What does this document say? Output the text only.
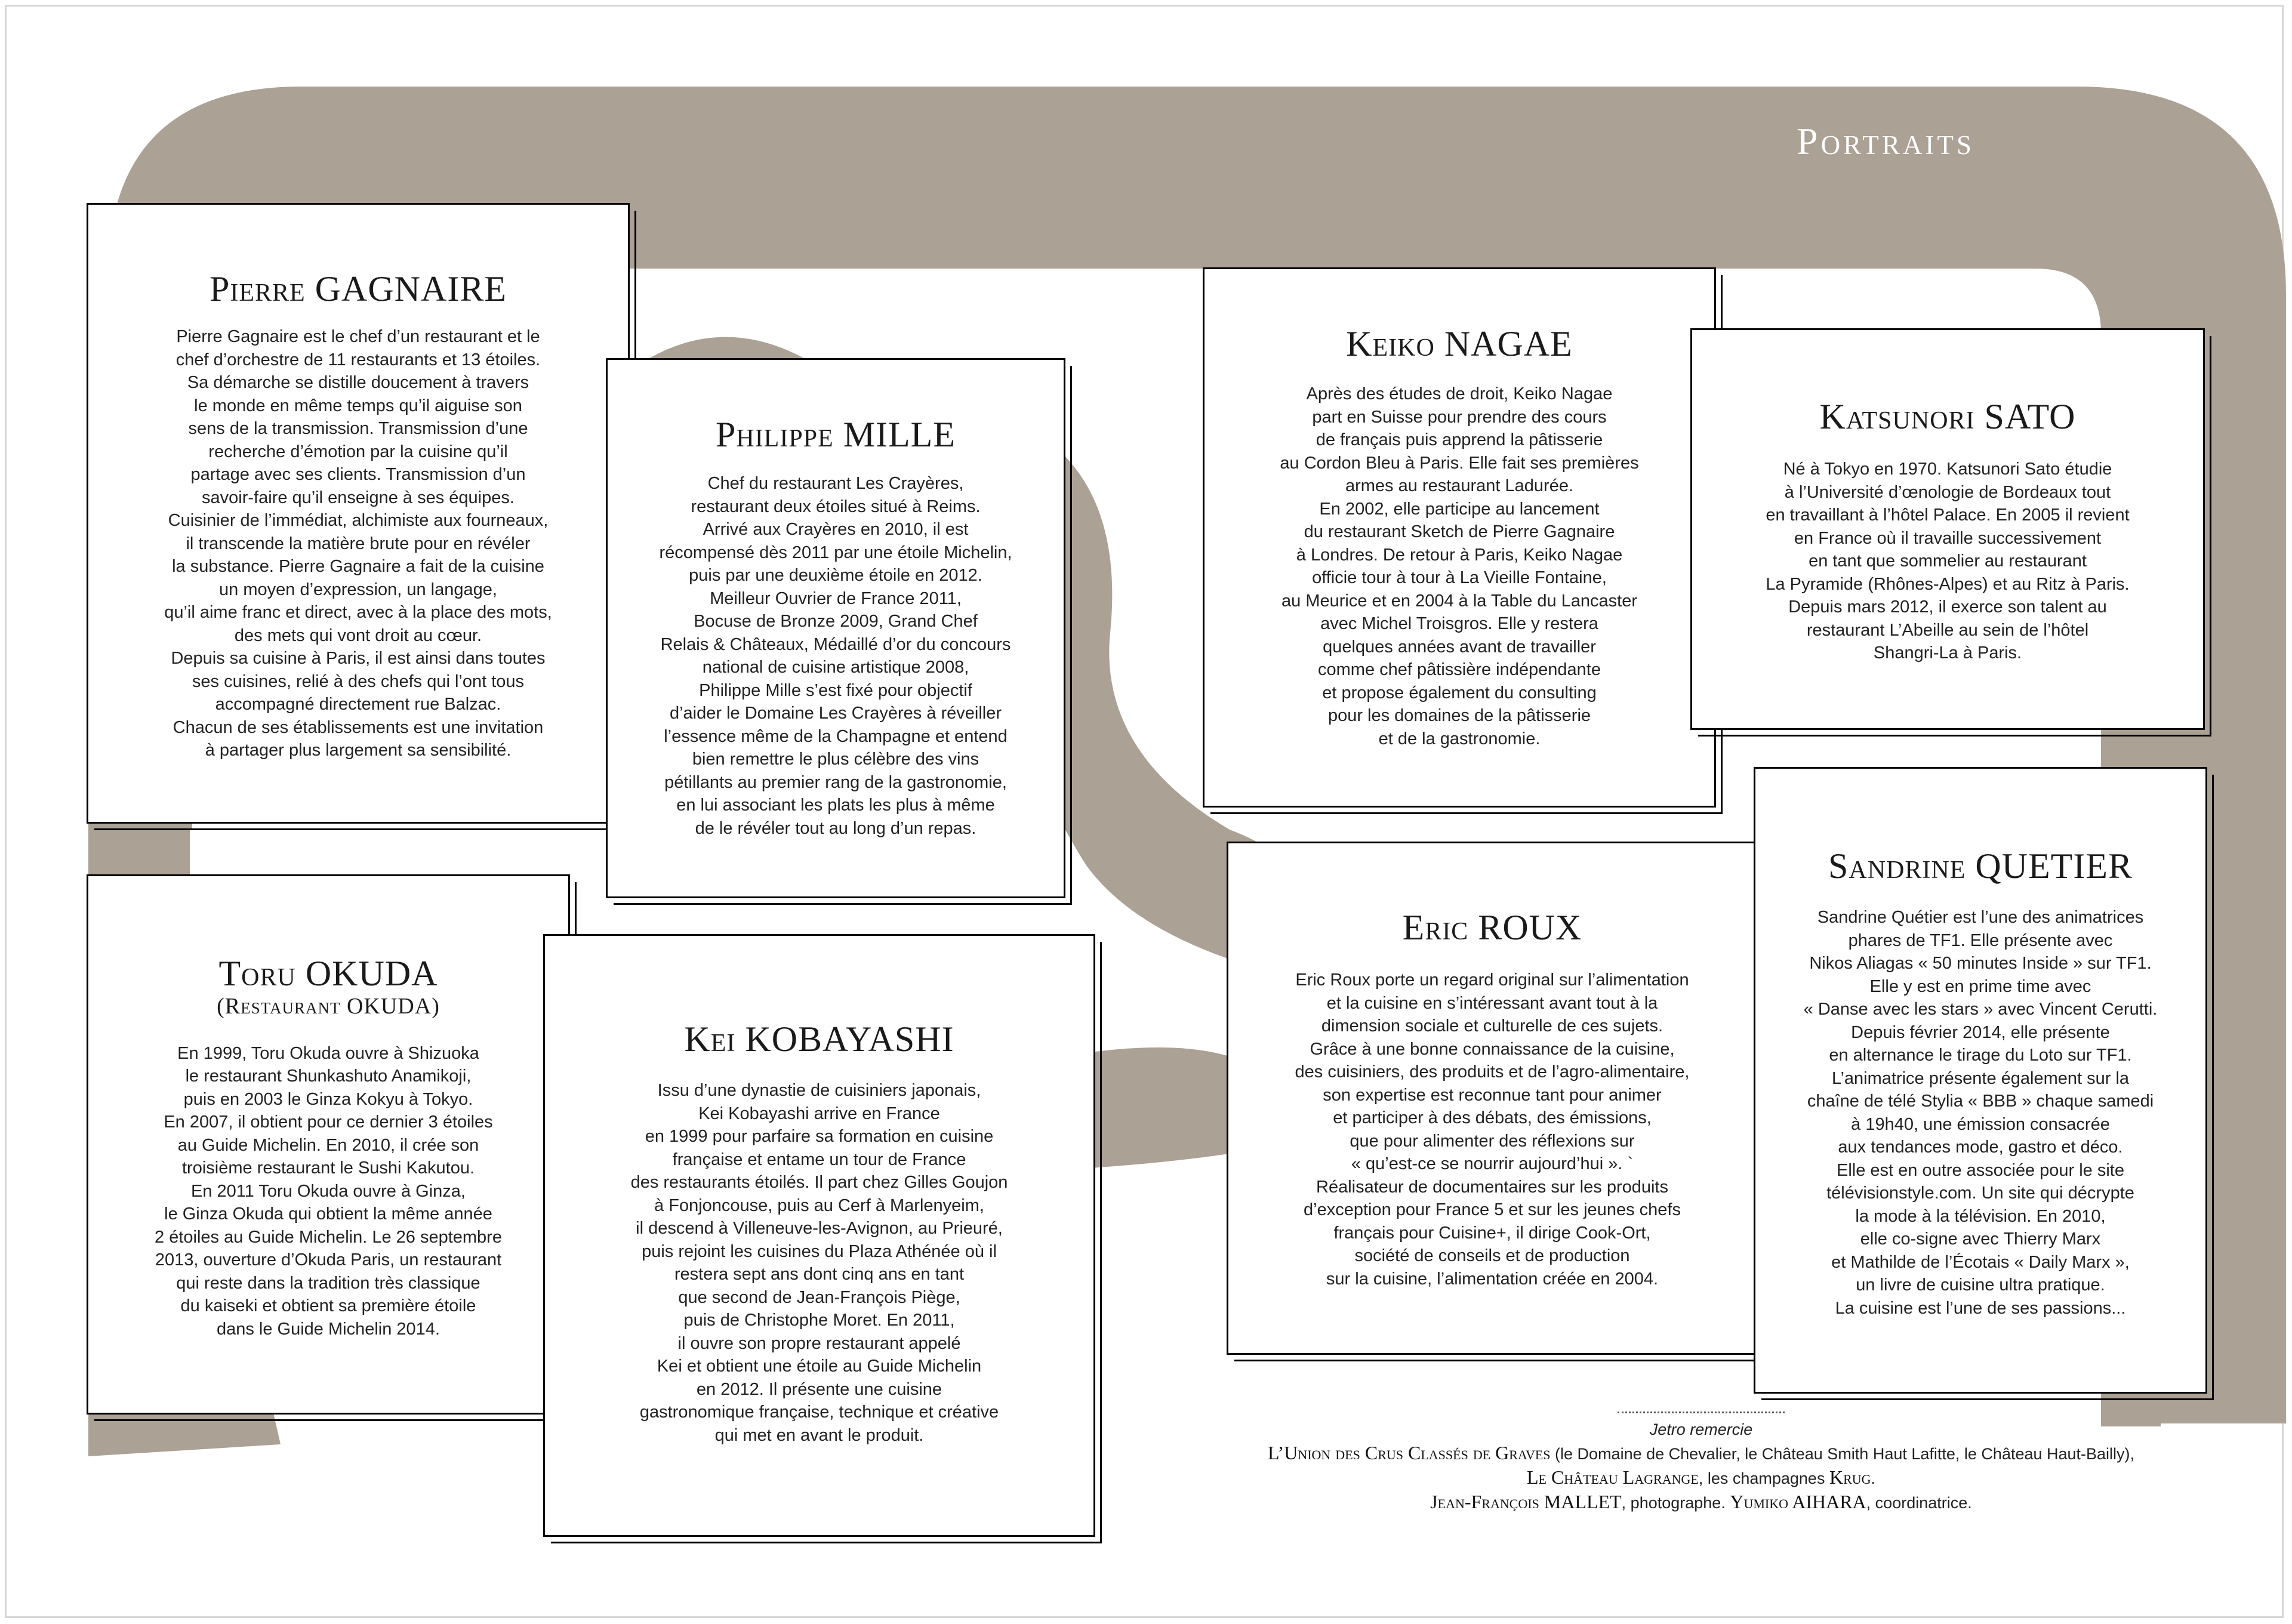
Portraits
Pierre GAGNAIRE
Pierre Gagnaire est le chef d’un restaurant et le
chef d’orchestre de 11 restaurants et 13 étoiles.
Sa démarche se distille doucement à travers
le monde en même temps qu’il aiguise son
sens de la transmission. Transmission d’une
recherche d’émotion par la cuisine qu’il
partage avec ses clients. Transmission d’un
savoir-faire qu’il enseigne à ses équipes.
Cuisinier de l’immédiat, alchimiste aux fourneaux,
il transcende la matière brute pour en révéler
la substance. Pierre Gagnaire a fait de la cuisine
un moyen d’expression, un langage,
qu’il aime franc et direct, avec à la place des mots,
des mets qui vont droit au cœur.
Depuis sa cuisine à Paris, il est ainsi dans toutes
ses cuisines, relié à des chefs qui l’ont tous
accompagné directement rue Balzac.
Chacun de ses établissements est une invitation
à partager plus largement sa sensibilité.
Philippe MILLE
Chef du restaurant Les Crayères,
restaurant deux étoiles situé à Reims.
Arrivé aux Crayères en 2010, il est
récompensé dès 2011 par une étoile Michelin,
puis par une deuxième étoile en 2012.
Meilleur Ouvrier de France 2011,
Bocuse de Bronze 2009, Grand Chef
Relais & Châteaux, Médaillé d’or du concours
national de cuisine artistique 2008,
Philippe Mille s’est fixé pour objectif
d’aider le Domaine Les Crayères à réveiller
l’essence même de la Champagne et entend
bien remettre le plus célèbre des vins
pétillants au premier rang de la gastronomie,
en lui associant les plats les plus à même
de le révéler tout au long d’un repas.
Keiko NAGAE
Après des études de droit, Keiko Nagae
part en Suisse pour prendre des cours
de français puis apprend la pâtisserie
au Cordon Bleu à Paris. Elle fait ses premières
armes au restaurant Ladurée.
En 2002, elle participe au lancement
du restaurant Sketch de Pierre Gagnaire
à Londres. De retour à Paris, Keiko Nagae
officie tour à tour à La Vieille Fontaine,
au Meurice et en 2004 à la Table du Lancaster
avec Michel Troisgros. Elle y restera
quelques années avant de travailler
comme chef pâtissière indépendante
et propose également du consulting
pour les domaines de la pâtisserie
et de la gastronomie.
Katsunori SATO
Né à Tokyo en 1970. Katsunori Sato étudie
à l’Université d’œnologie de Bordeaux tout
en travaillant à l’hôtel Palace. En 2005 il revient
en France où il travaille successivement
en tant que sommelier au restaurant
La Pyramide (Rhônes-Alpes) et au Ritz à Paris.
Depuis mars 2012, il exerce son talent au
restaurant L’Abeille au sein de l’hôtel
Shangri-La à Paris.
Toru OKUDA
(Restaurant OKUDA)
En 1999, Toru Okuda ouvre à Shizuoka
le restaurant Shunkashuto Anamikoji,
puis en 2003 le Ginza Kokyu à Tokyo.
En 2007, il obtient pour ce dernier 3 étoiles
au Guide Michelin. En 2010, il crée son
troisième restaurant le Sushi Kakutou.
En 2011 Toru Okuda ouvre à Ginza,
le Ginza Okuda qui obtient la même année
2 étoiles au Guide Michelin. Le 26 septembre
2013, ouverture d’Okuda Paris, un restaurant
qui reste dans la tradition très classique
du kaiseki et obtient sa première étoile
dans le Guide Michelin 2014.
Kei KOBAYASHI
Issu d’une dynastie de cuisiniers japonais,
Kei Kobayashi arrive en France
en 1999 pour parfaire sa formation en cuisine
française et entame un tour de France
des restaurants étoilés. Il part chez Gilles Goujon
à Fonjoncouse, puis au Cerf à Marlenyeim,
il descend à Villeneuve-les-Avignon, au Prieuré,
puis rejoint les cuisines du Plaza Athénée où il
restera sept ans dont cinq ans en tant
que second de Jean-François Piège,
puis de Christophe Moret. En 2011,
il ouvre son propre restaurant appelé
Kei et obtient une étoile au Guide Michelin
en 2012. Il présente une cuisine
gastronomique française, technique et créative
qui met en avant le produit.
Eric ROUX
Eric Roux porte un regard original sur l’alimentation
et la cuisine en s’intéressant avant tout à la
dimension sociale et culturelle de ces sujets.
Grâce à une bonne connaissance de la cuisine,
des cuisiniers, des produits et de l’agro-alimentaire,
son expertise est reconnue tant pour animer
et participer à des débats, des émissions,
que pour alimenter des réflexions sur
« qu’est-ce se nourrir aujourd’hui ». `
Réalisateur de documentaires sur les produits
d’exception pour France 5 et sur les jeunes chefs
français pour Cuisine+, il dirige Cook-Ort,
société de conseils et de production
sur la cuisine, l’alimentation créée en 2004.
Sandrine QUETIER
Sandrine Quétier est l’une des animatrices
phares de TF1. Elle présente avec
Nikos Aliagas « 50 minutes Inside » sur TF1.
Elle y est en prime time avec
« Danse avec les stars » avec Vincent Cerutti.
Depuis février 2014, elle présente
en alternance le tirage du Loto sur TF1.
L’animatrice présente également sur la
chaîne de télé Stylia « BBB » chaque samedi
à 19h40, une émission consacrée
aux tendances mode, gastro et déco.
Elle est en outre associée pour le site
télévisionstyle.com. Un site qui décrypte
la mode à la télévision. En 2010,
elle co-signe avec Thierry Marx
et Mathilde de l’Écotais « Daily Marx »,
un livre de cuisine ultra pratique.
La cuisine est l’une de ses passions...
Jetro remercie
L’Union des Crus Classés de Graves (le Domaine de Chevalier, le Château Smith Haut Lafitte, le Château Haut-Bailly),
Le Château Lagrange, les champagnes Krug.
Jean-François MALLET, photographe. Yumiko AIHARA, coordinatrice.
